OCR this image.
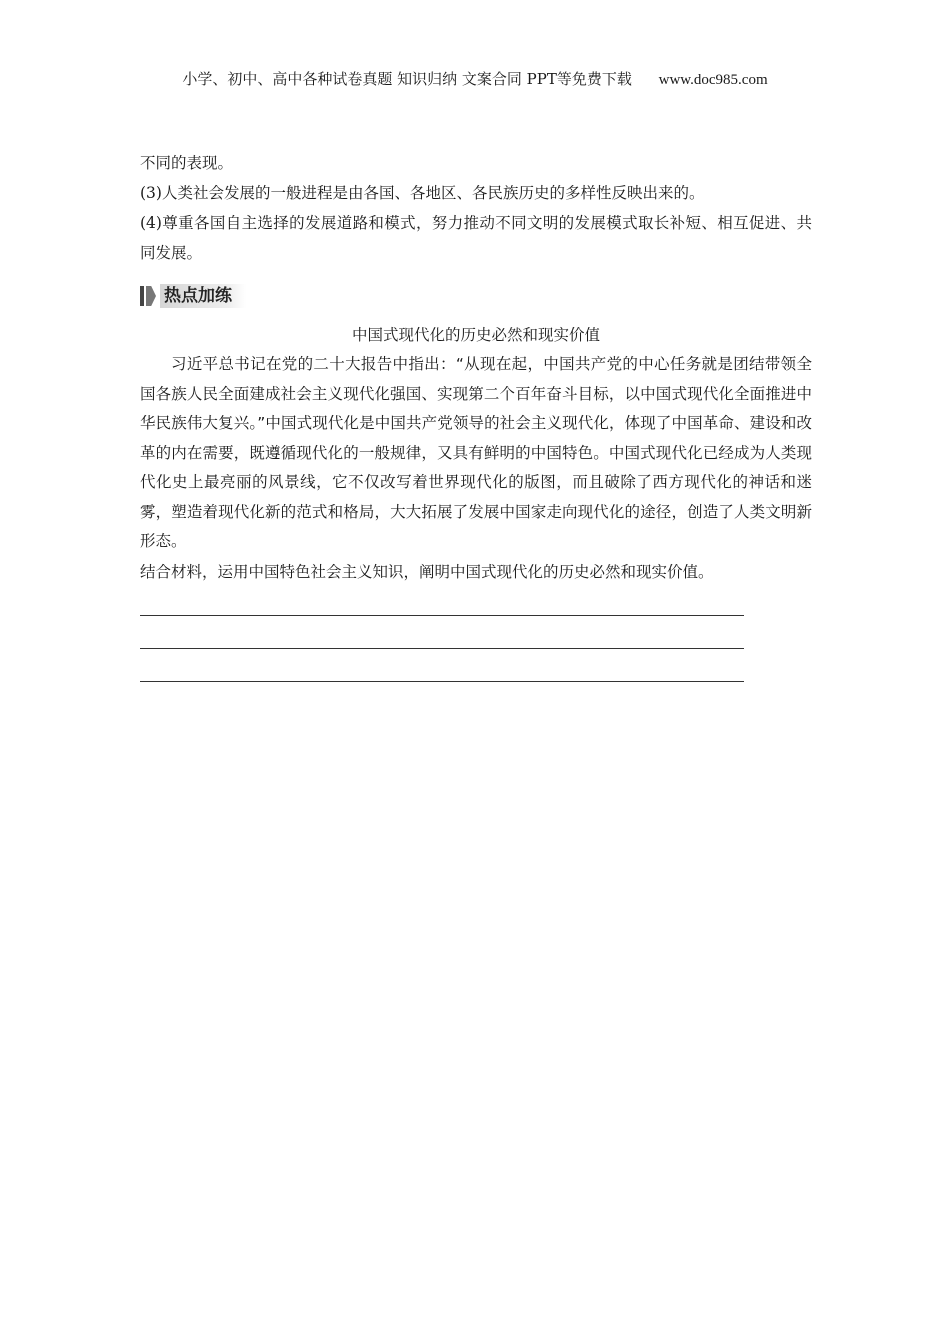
小学、初中、高中各种试卷真题 知识归纳 文案合同 PPT等免费下载 www.doc985.com

不同的表现。

(3)人类社会发展的一般进程是由各国、各地区、各民族历史的多样性反映出来的。

(4)尊重各国自主选择的发展道路和模式，努力推动不同文明的发展模式取长补短、相互促进、共同发展。

热点加练

中国式现代化的历史必然和现实价值

习近平总书记在党的二十大报告中指出：“从现在起，中国共产党的中心任务就是团结带领全国各族人民全面建成社会主义现代化强国、实现第二个百年奋斗目标，以中国式现代化全面推进中华民族伟大复兴。”中国式现代化是中国共产党领导的社会主义现代化，体现了中国革命、建设和改革的内在需要，既遵循现代化的一般规律，又具有鲜明的中国特色。中国式现代化已经成为人类现代化史上最亮丽的风景线，它不仅改写着世界现代化的版图，而且破除了西方现代化的神话和迷雾，塑造着现代化新的范式和格局，大大拓展了发展中国家走向现代化的途径，创造了人类文明新形态。

结合材料，运用中国特色社会主义知识，阐明中国式现代化的历史必然和现实价值。
